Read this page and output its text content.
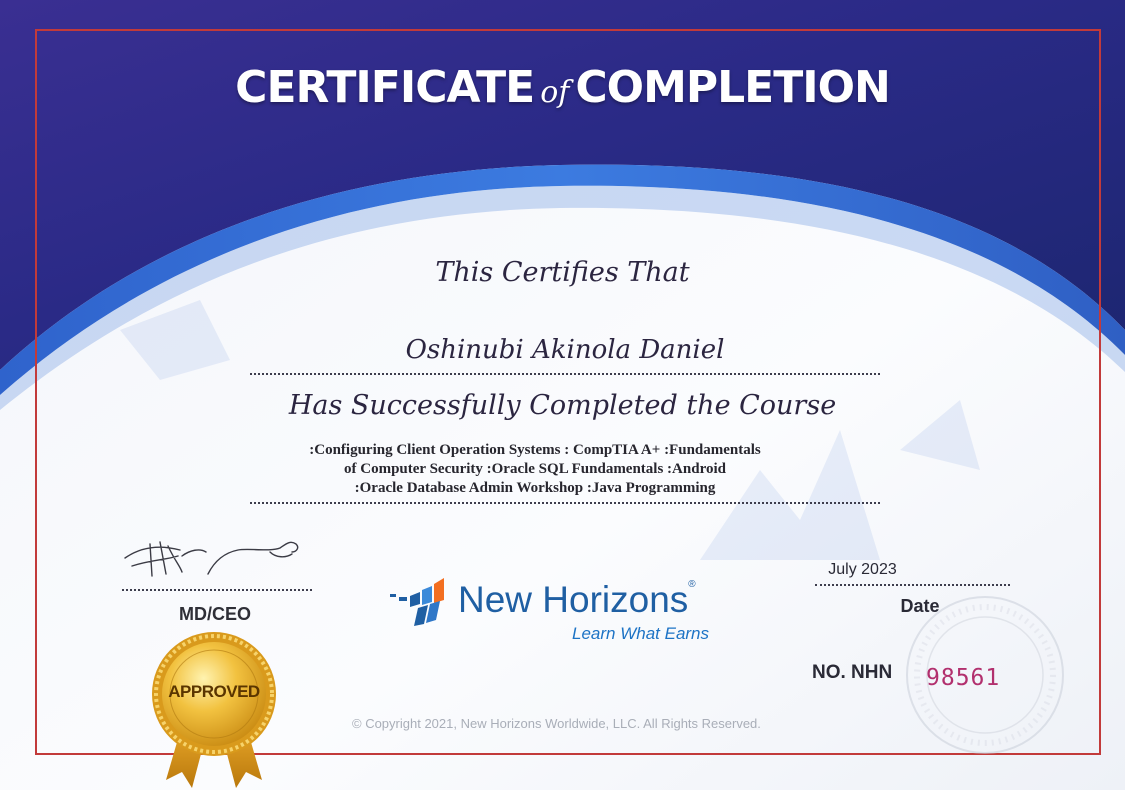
CERTIFICATE of COMPLETION
This Certifies That
Oshinubi Akinola Daniel
Has Successfully Completed the Course
:Configuring Client Operation Systems : CompTIA A+ :Fundamentals
of Computer Security :Oracle SQL Fundamentals :Android
:Oracle Database Admin Workshop :Java Programming
MD/CEO	New Horizons®
Learn What Earns
July 2023
Date
NO. NHN 98561
APPROVED
© Copyright 2021, New Horizons Worldwide, LLC. All Rights Reserved.
